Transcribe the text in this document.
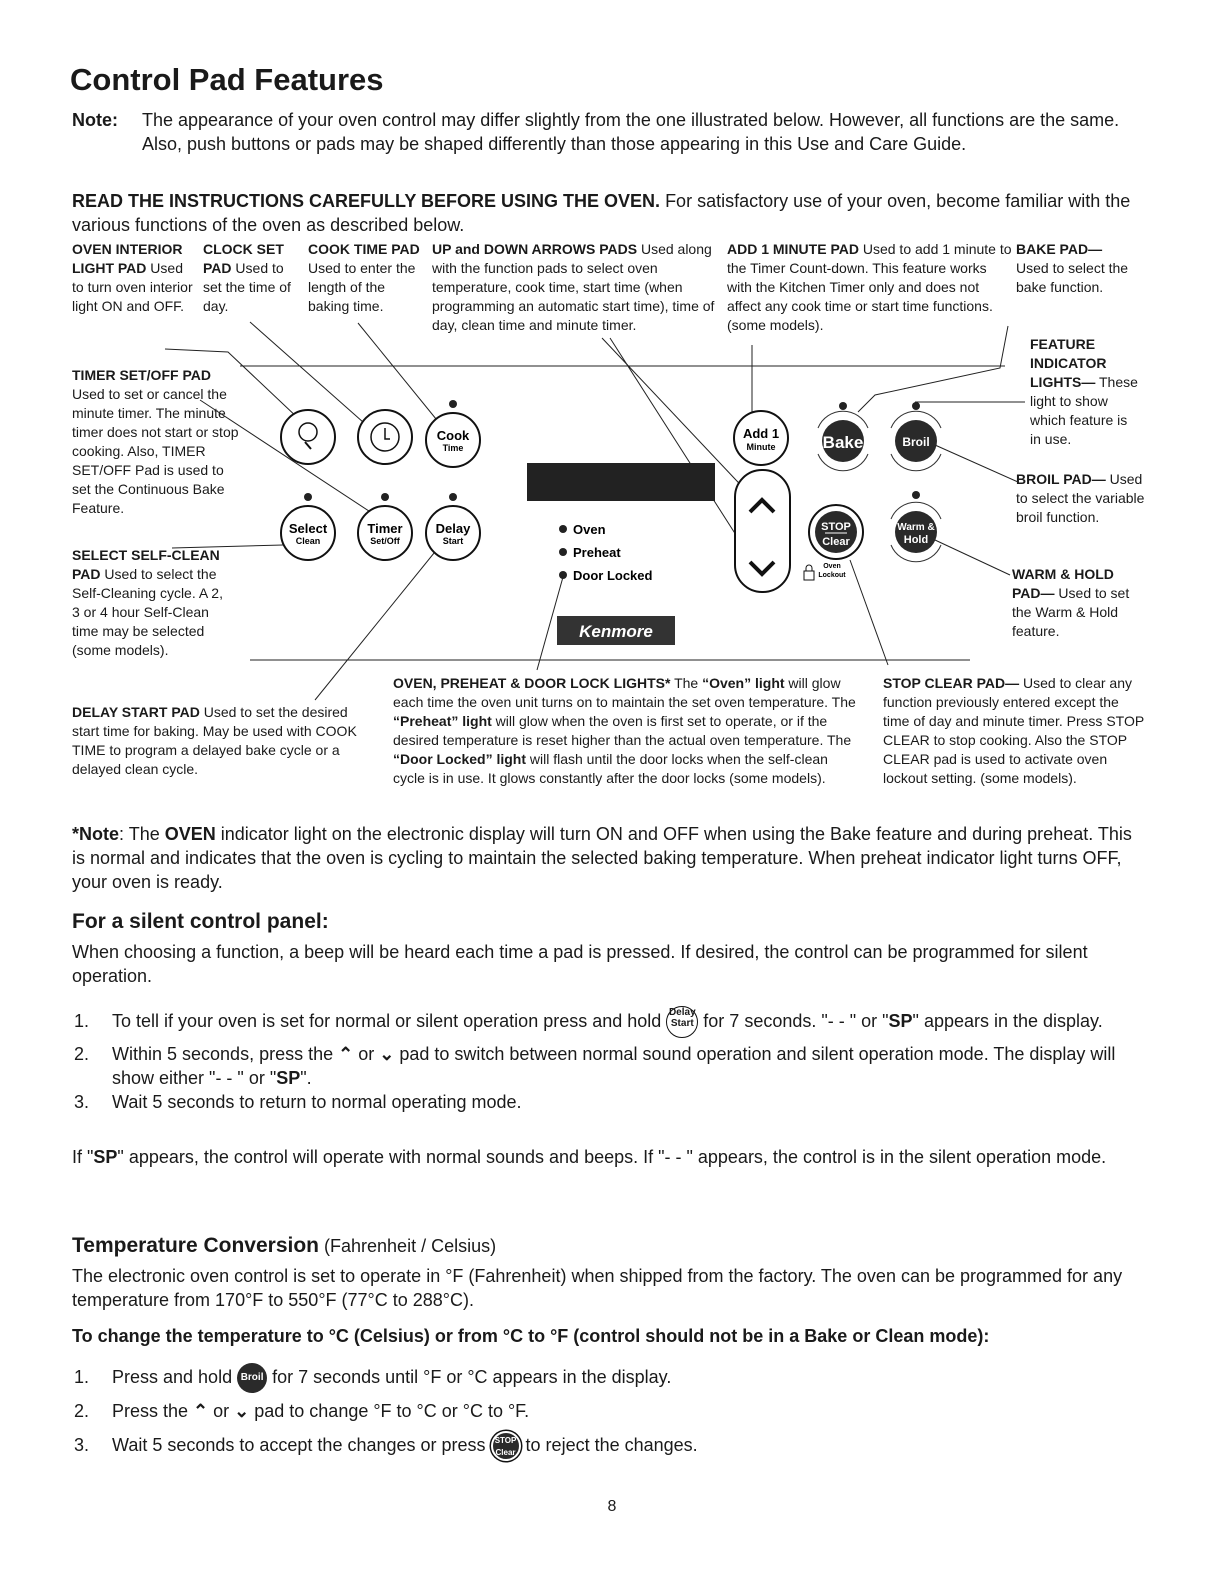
Control Pad Features
Note: The appearance of your oven control may differ slightly from the one illustrated below. However, all functions are the same. Also, push buttons or pads may be shaped differently than those appearing in this Use and Care Guide.
READ THE INSTRUCTIONS CAREFULLY BEFORE USING THE OVEN. For satisfactory use of your oven, become familiar with the various functions of the oven as described below.
OVEN INTERIOR LIGHT PAD Used to turn oven interior light ON and OFF.
CLOCK SET PAD Used to set the time of day.
COOK TIME PAD Used to enter the length of the baking time.
UP and DOWN ARROWS PADS Used along with the function pads to select oven temperature, cook time, start time (when programming an automatic start time), time of day, clean time and minute timer.
ADD 1 MINUTE PAD Used to add 1 minute to the Timer Count-down. This feature works with the Kitchen Timer only and does not affect any cook time or start time functions. (some models).
BAKE PAD— Used to select the bake function.
FEATURE INDICATOR LIGHTS— These light to show which feature is in use.
BROIL PAD— Used to select the variable broil function.
WARM & HOLD PAD— Used to set the Warm & Hold feature.
TIMER SET/OFF PAD Used to set or cancel the minute timer. The minute timer does not start or stop cooking. Also, TIMER SET/OFF Pad is used to set the Continuous Bake Feature.
SELECT SELF-CLEAN PAD Used to select the Self-Cleaning cycle. A 2, 3 or 4 hour Self-Clean time may be selected (some models).
DELAY START PAD Used to set the desired start time for baking. May be used with COOK TIME to program a delayed bake cycle or a delayed clean cycle.
OVEN, PREHEAT & DOOR LOCK LIGHTS* The “Oven” light will glow each time the oven unit turns on to maintain the set oven temperature. The “Preheat” light will glow when the oven is first set to operate, or if the desired temperature is reset higher than the actual oven temperature. The “Door Locked” light will flash until the door locks when the self-clean cycle is in use. It glows constantly after the door locks (some models).
STOP CLEAR PAD— Used to clear any function previously entered except the time of day and minute timer. Press STOP CLEAR to stop cooking. Also the STOP CLEAR pad is used to activate oven lockout setting. (some models).
Cook
Time
Select
Clean
Timer
Set/Off
Delay
Start
Oven
Preheat
Door Locked
Kenmore
Add 1
Minute	Bake	Broil
STOP
Clear
Warm &
Hold
Oven
Lockout
*Note: The OVEN indicator light on the electronic display will turn ON and OFF when using the Bake feature and during preheat. This is normal and indicates that the oven is cycling to maintain the selected baking temperature. When preheat indicator light turns OFF, your oven is ready.
For a silent control panel:
When choosing a function, a beep will be heard each time a pad is pressed. If desired, the control can be programmed for silent operation.
1. To tell if your oven is set for normal or silent operation press and hold Delay
Start for 7 seconds. "- - " or "SP" appears in the display.
2. Within 5 seconds, press the ⌃ or ⌄ pad to switch between normal sound operation and silent operation mode. The display will show either "- - " or "SP".
3. Wait 5 seconds to return to normal operating mode.
If "SP" appears, the control will operate with normal sounds and beeps. If "- - " appears, the control is in the silent operation mode.
Temperature Conversion (Fahrenheit / Celsius)
The electronic oven control is set to operate in °F (Fahrenheit) when shipped from the factory. The oven can be programmed for any temperature from 170°F to 550°F (77°C to 288°C).
To change the temperature to °C (Celsius) or from °C to °F (control should not be in a Bake or Clean mode):
1. Press and hold Broil for 7 seconds until °F or °C appears in the display.
2. Press the ⌃ or ⌄ pad to change °F to °C or °C to °F.
3. Wait 5 seconds to accept the changes or press STOP
Clear to reject the changes.
8
